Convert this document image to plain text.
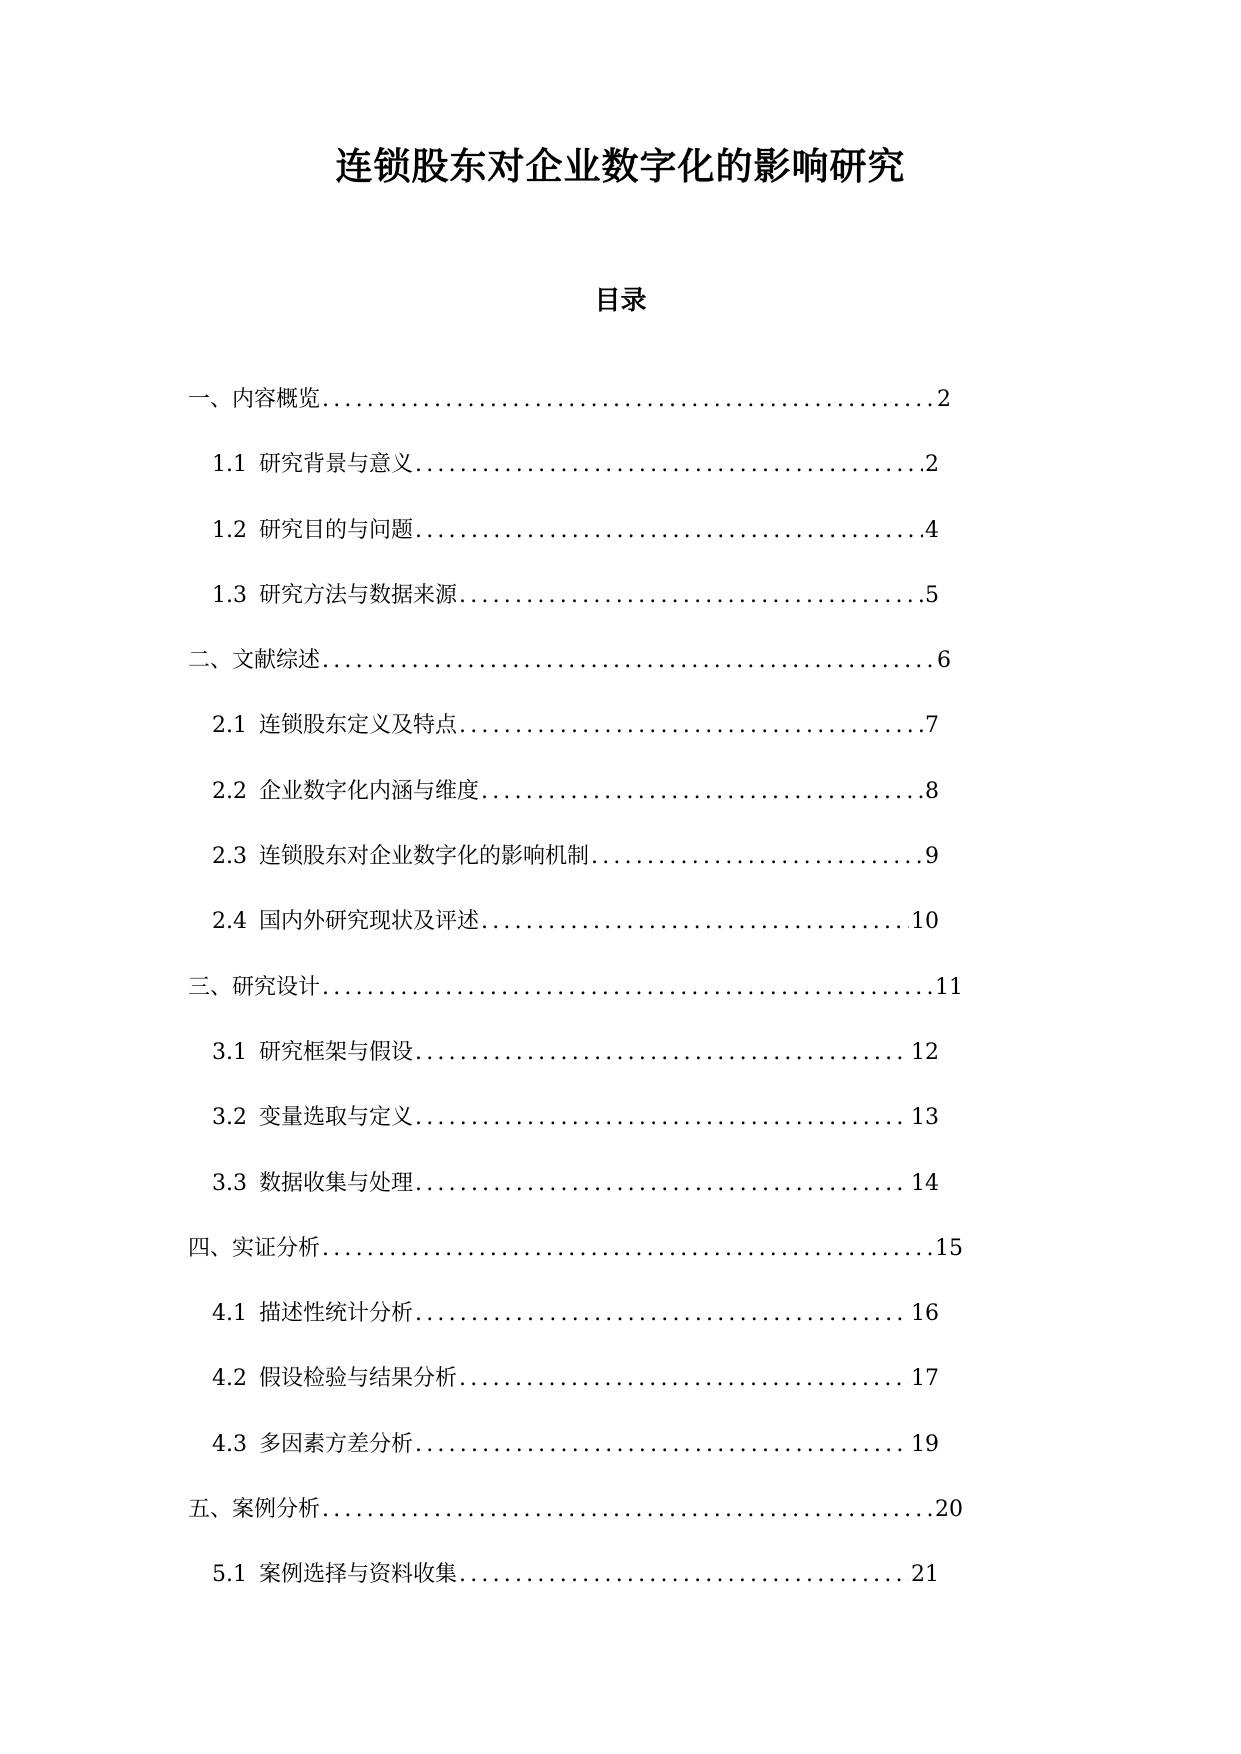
连锁股东对企业数字化的影响研究
目录
一、 内容概览 .....	2
1.1 研究背景与意义 .....	2
1.2 研究目的与问题 .....	4
1.3 研究方法与数据来源 .....	5
二、 文献综述 .....	6
2.1 连锁股东定义及特点 .....	7
2.2 企业数字化内涵与维度 .....	8
2.3 连锁股东对企业数字化的影响机制 .....	9
2.4 国内外研究现状及评述 .....	10
三、 研究设计 .....	11
3.1 研究框架与假设 .....	12
3.2 变量选取与定义 .....	13
3.3 数据收集与处理 .....	14
四、 实证分析 .....	15
4.1 描述性统计分析 .....	16
4.2 假设检验与结果分析 .....	17
4.3 多因素方差分析 .....	19
五、 案例分析 .....	20
5.1 案例选择与资料收集 .....	21
